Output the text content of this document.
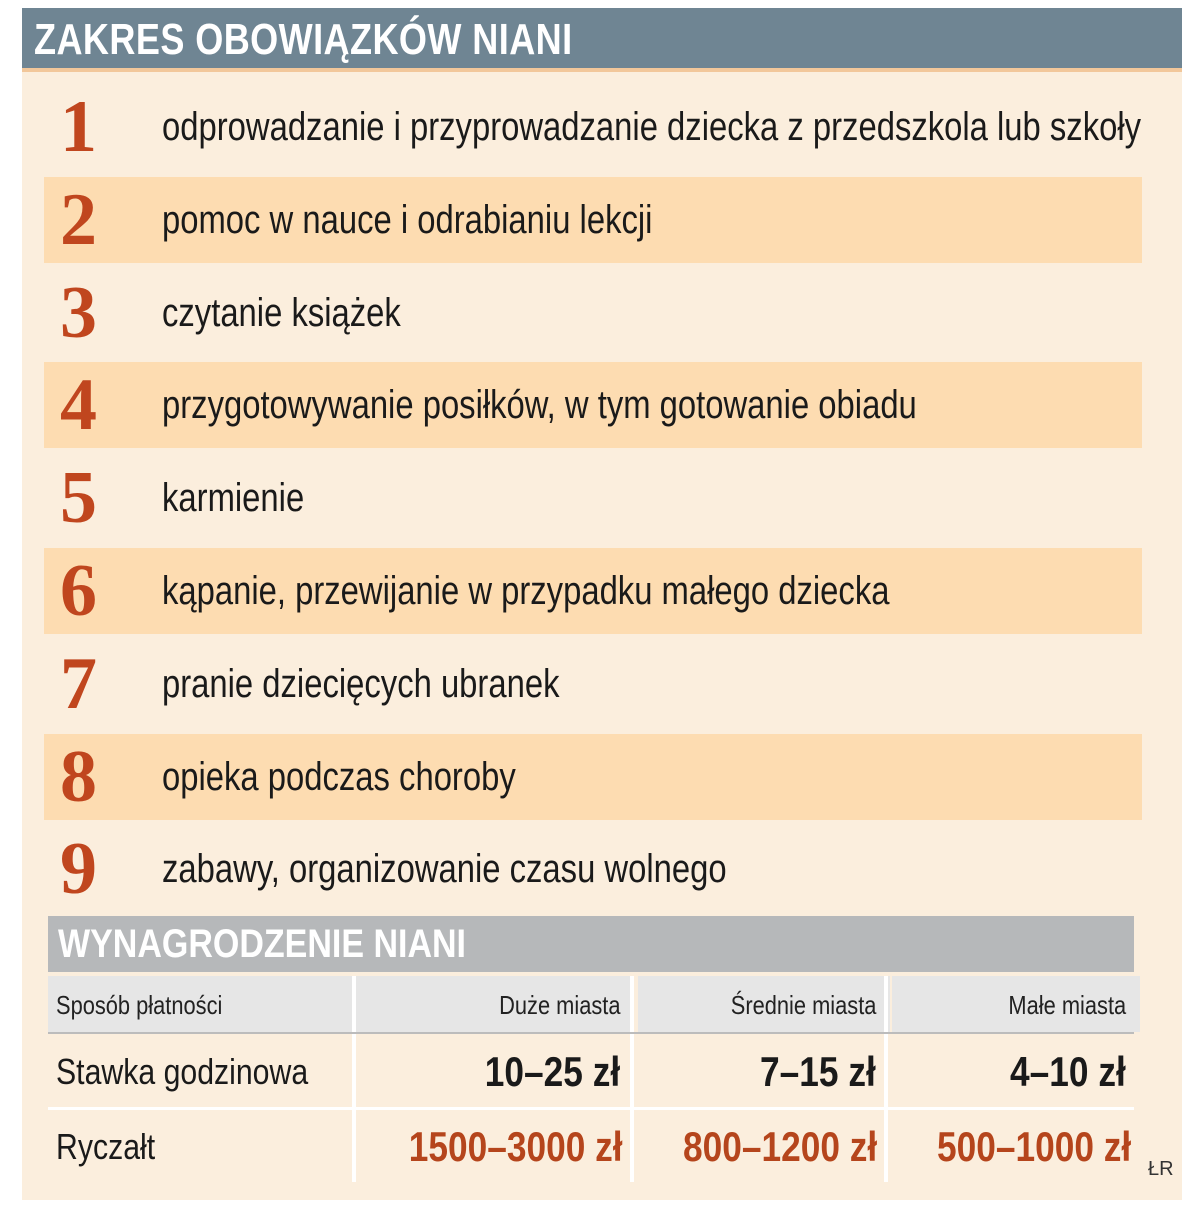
ZAKRES OBOWIĄZKÓW NIANI
1 odprowadzanie i przyprowadzanie dziecka z przedszkola lub szkoły
2 pomoc w nauce i odrabianiu lekcji
3 czytanie książek
4 przygotowywanie posiłków, w tym gotowanie obiadu
5 karmienie
6 kąpanie, przewijanie w przypadku małego dziecka
7 pranie dziecięcych ubranek
8 opieka podczas choroby
9 zabawy, organizowanie czasu wolnego
WYNAGRODZENIE NIANI
Sposób płatności	Duże miasta	Średnie miasta	Małe miasta
Stawka godzinowa	10–25 zł	7–15 zł	4–10 zł
Ryczałt	1500–3000 zł	800–1200 zł	500–1000 zł ŁR
